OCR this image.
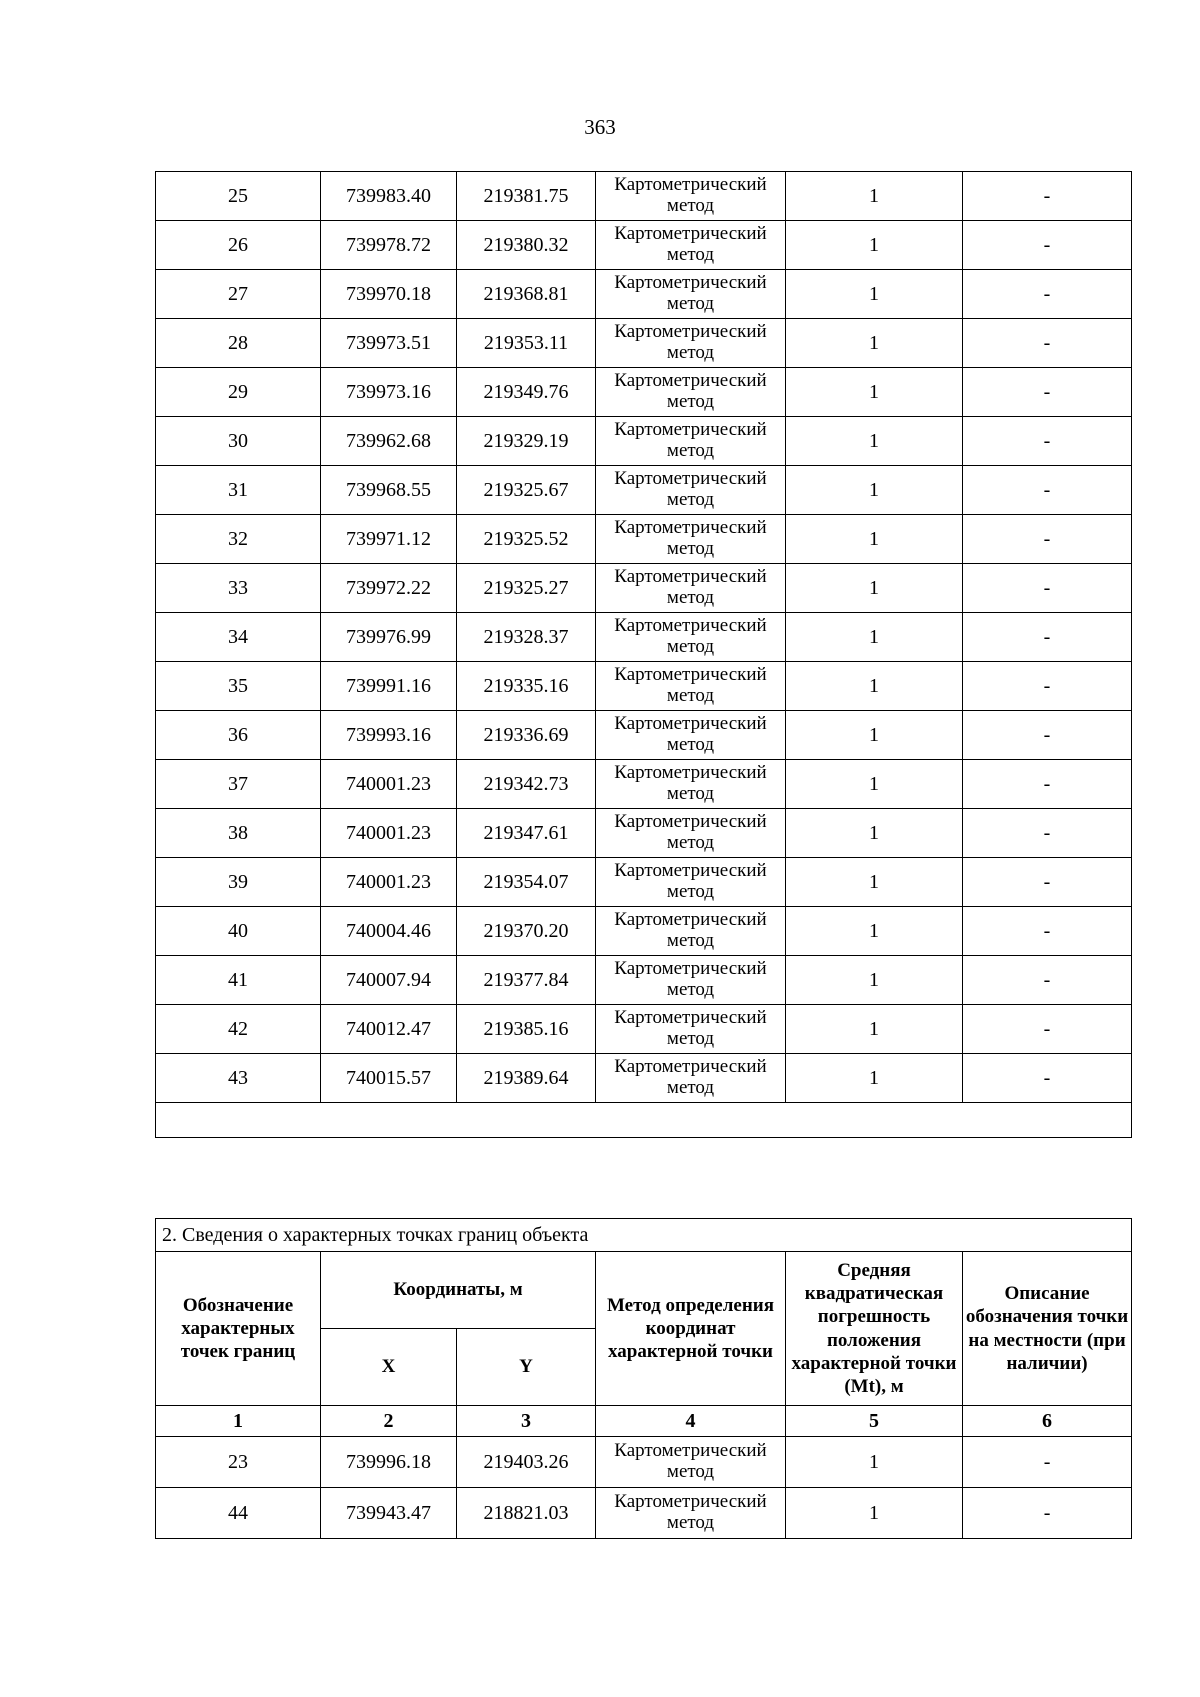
363
25	739983.40	219381.75	Картометрический метод	1	-
26	739978.72	219380.32	Картометрический метод	1	-
27	739970.18	219368.81	Картометрический метод	1	-
28	739973.51	219353.11	Картометрический метод	1	-
29	739973.16	219349.76	Картометрический метод	1	-
30	739962.68	219329.19	Картометрический метод	1	-
31	739968.55	219325.67	Картометрический метод	1	-
32	739971.12	219325.52	Картометрический метод	1	-
33	739972.22	219325.27	Картометрический метод	1	-
34	739976.99	219328.37	Картометрический метод	1	-
35	739991.16	219335.16	Картометрический метод	1	-
36	739993.16	219336.69	Картометрический метод	1	-
37	740001.23	219342.73	Картометрический метод	1	-
38	740001.23	219347.61	Картометрический метод	1	-
39	740001.23	219354.07	Картометрический метод	1	-
40	740004.46	219370.20	Картометрический метод	1	-
41	740007.94	219377.84	Картометрический метод	1	-
42	740012.47	219385.16	Картометрический метод	1	-
43	740015.57	219389.64	Картометрический метод	1	-

2. Сведения о характерных точках границ объекта					
Обозначение характерных точек границ	Координаты, м		Метод определения координат характерной точки	Средняя квадратическая погрешность положения характерной точки (Mt), м	Описание обозначения точки на местности (при наличии)
	X	Y			
1	2	3	4	5	6
23	739996.18	219403.26	Картометрический метод	1	-
44	739943.47	218821.03	Картометрический метод	1	-
